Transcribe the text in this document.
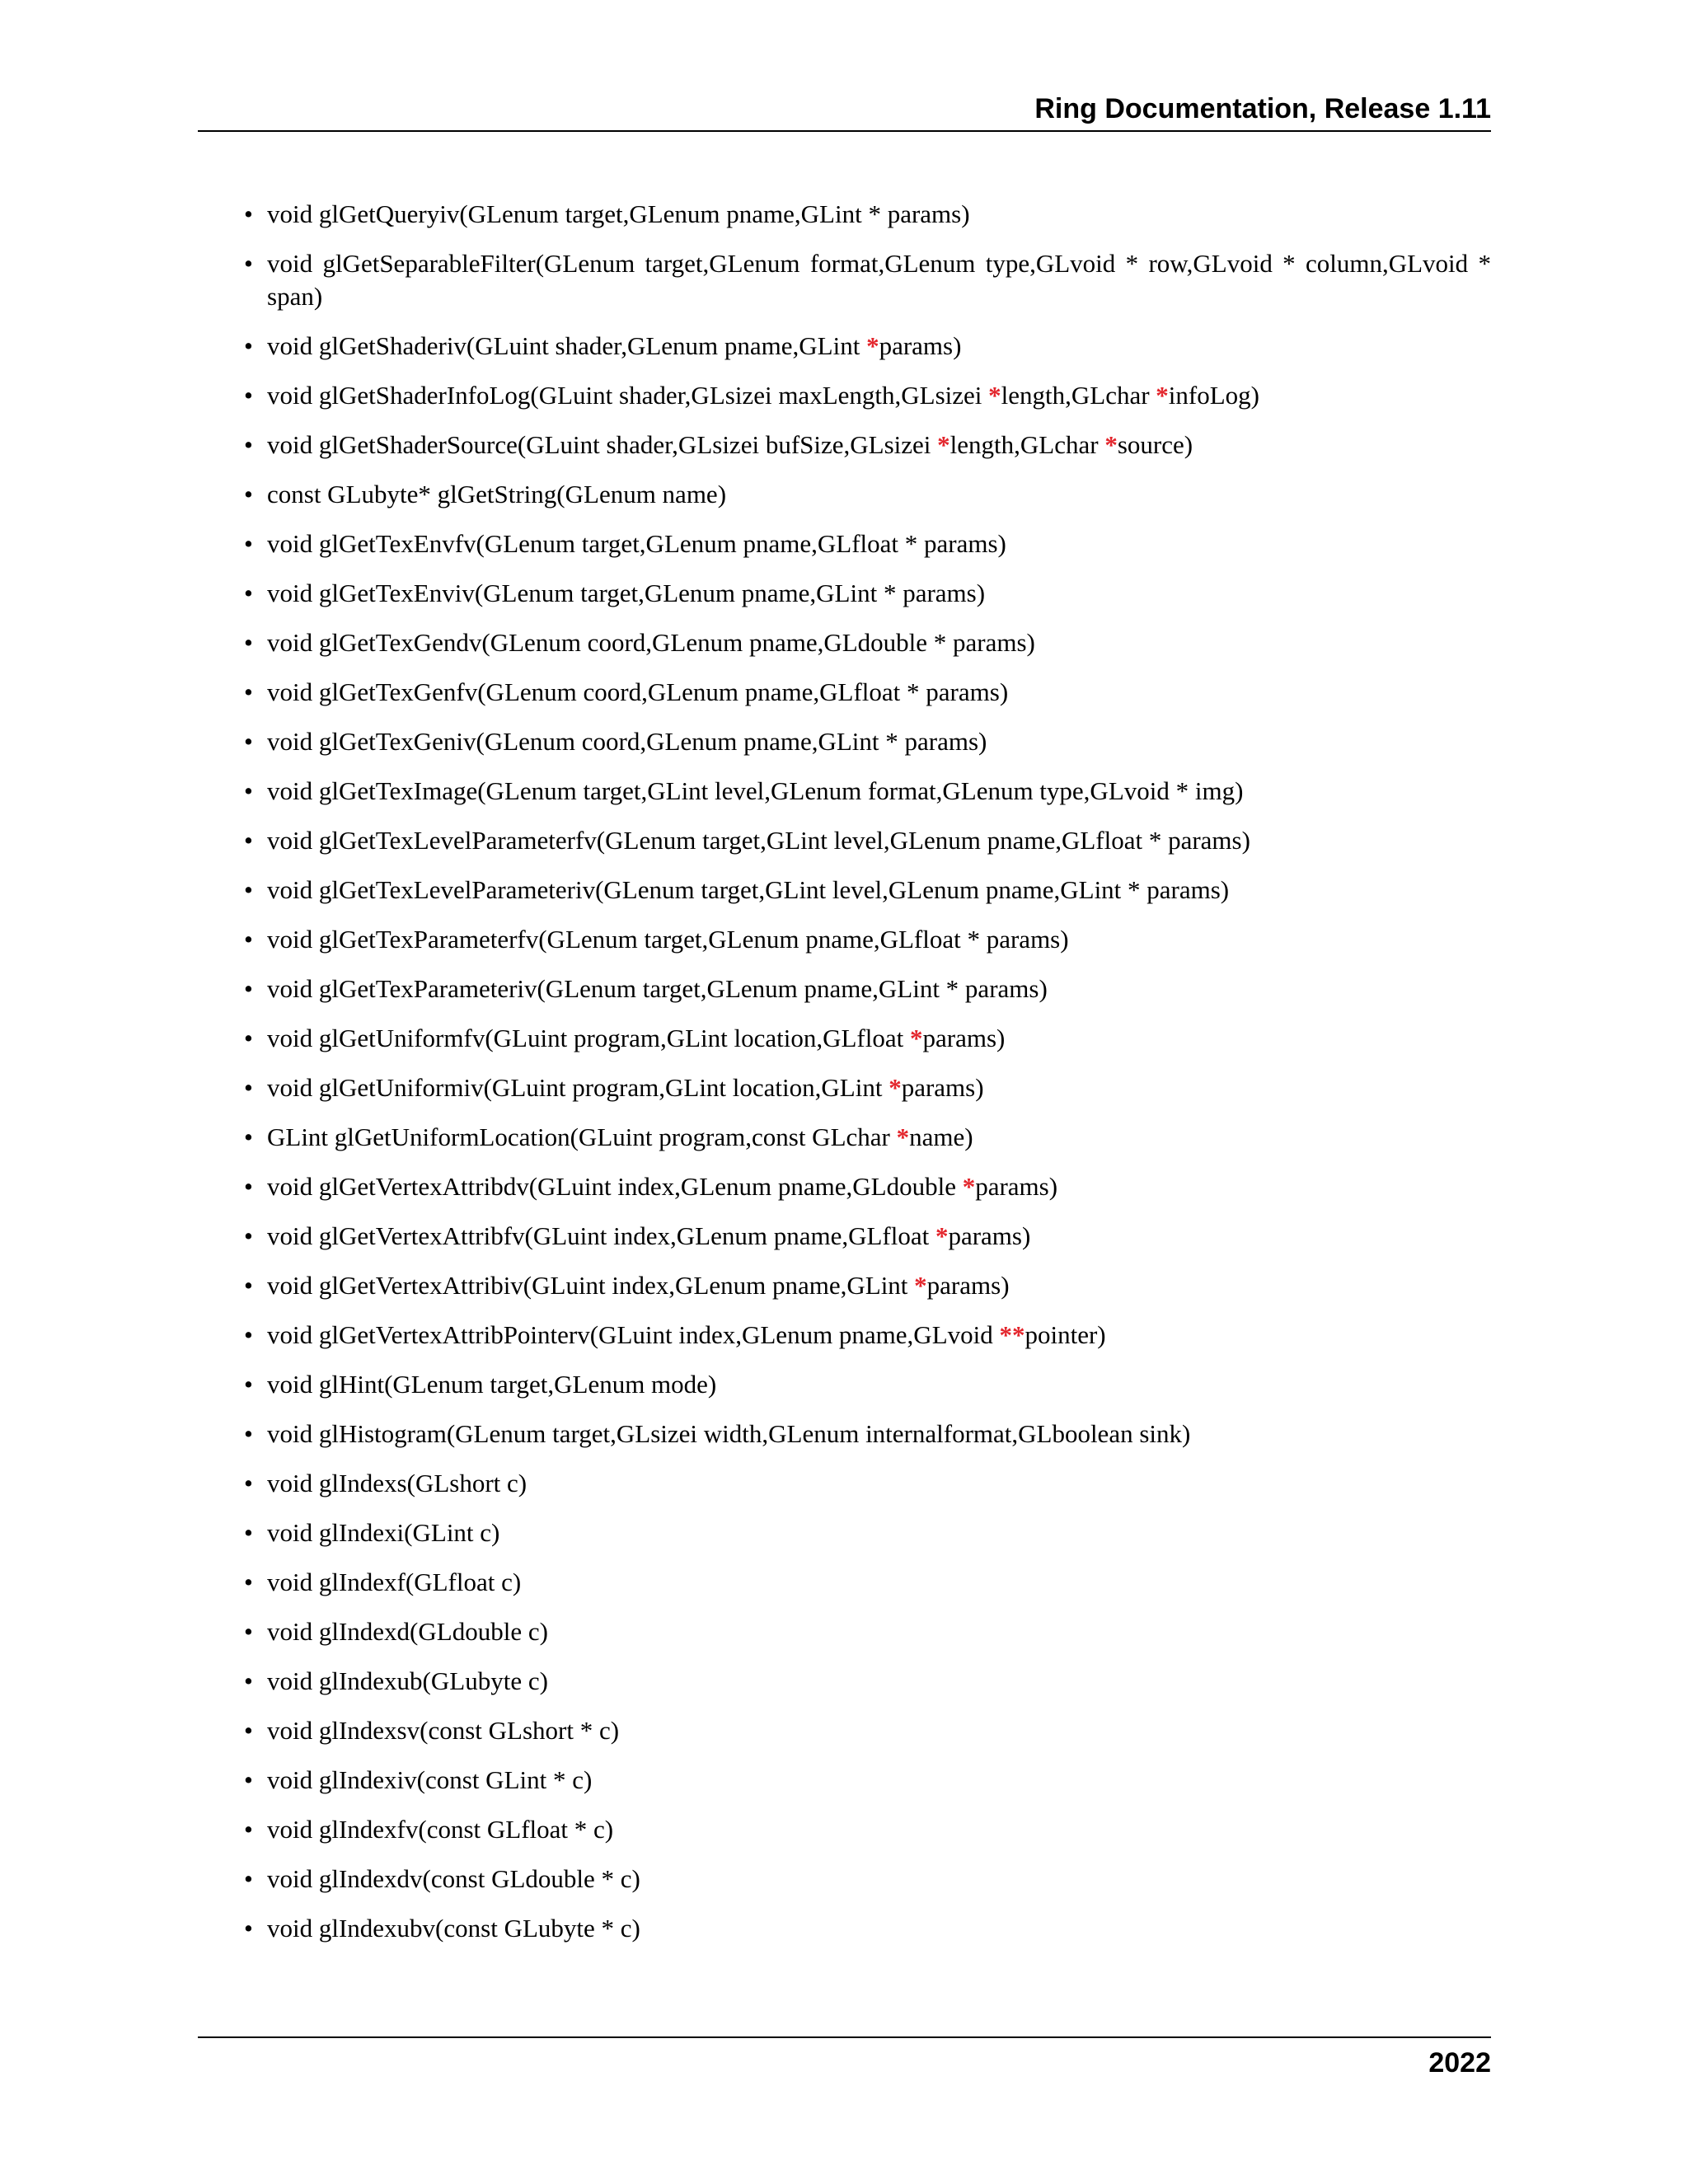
Ring Documentation, Release 1.11
• void glGetQueryiv(GLenum target,GLenum pname,GLint * params)
• void glGetSeparableFilter(GLenum target,GLenum format,GLenum type,GLvoid * row,GLvoid * column,GLvoid * span)
• void glGetShaderiv(GLuint shader,GLenum pname,GLint *params)
• void glGetShaderInfoLog(GLuint shader,GLsizei maxLength,GLsizei *length,GLchar *infoLog)
• void glGetShaderSource(GLuint shader,GLsizei bufSize,GLsizei *length,GLchar *source)
• const GLubyte* glGetString(GLenum name)
• void glGetTexEnvfv(GLenum target,GLenum pname,GLfloat * params)
• void glGetTexEnviv(GLenum target,GLenum pname,GLint * params)
• void glGetTexGendv(GLenum coord,GLenum pname,GLdouble * params)
• void glGetTexGenfv(GLenum coord,GLenum pname,GLfloat * params)
• void glGetTexGeniv(GLenum coord,GLenum pname,GLint * params)
• void glGetTexImage(GLenum target,GLint level,GLenum format,GLenum type,GLvoid * img)
• void glGetTexLevelParameterfv(GLenum target,GLint level,GLenum pname,GLfloat * params)
• void glGetTexLevelParameteriv(GLenum target,GLint level,GLenum pname,GLint * params)
• void glGetTexParameterfv(GLenum target,GLenum pname,GLfloat * params)
• void glGetTexParameteriv(GLenum target,GLenum pname,GLint * params)
• void glGetUniformfv(GLuint program,GLint location,GLfloat *params)
• void glGetUniformiv(GLuint program,GLint location,GLint *params)
• GLint glGetUniformLocation(GLuint program,const GLchar *name)
• void glGetVertexAttribdv(GLuint index,GLenum pname,GLdouble *params)
• void glGetVertexAttribfv(GLuint index,GLenum pname,GLfloat *params)
• void glGetVertexAttribiv(GLuint index,GLenum pname,GLint *params)
• void glGetVertexAttribPointerv(GLuint index,GLenum pname,GLvoid **pointer)
• void glHint(GLenum target,GLenum mode)
• void glHistogram(GLenum target,GLsizei width,GLenum internalformat,GLboolean sink)
• void glIndexs(GLshort c)
• void glIndexi(GLint c)
• void glIndexf(GLfloat c)
• void glIndexd(GLdouble c)
• void glIndexub(GLubyte c)
• void glIndexsv(const GLshort * c)
• void glIndexiv(const GLint * c)
• void glIndexfv(const GLfloat * c)
• void glIndexdv(const GLdouble * c)
• void glIndexubv(const GLubyte * c)
2022
